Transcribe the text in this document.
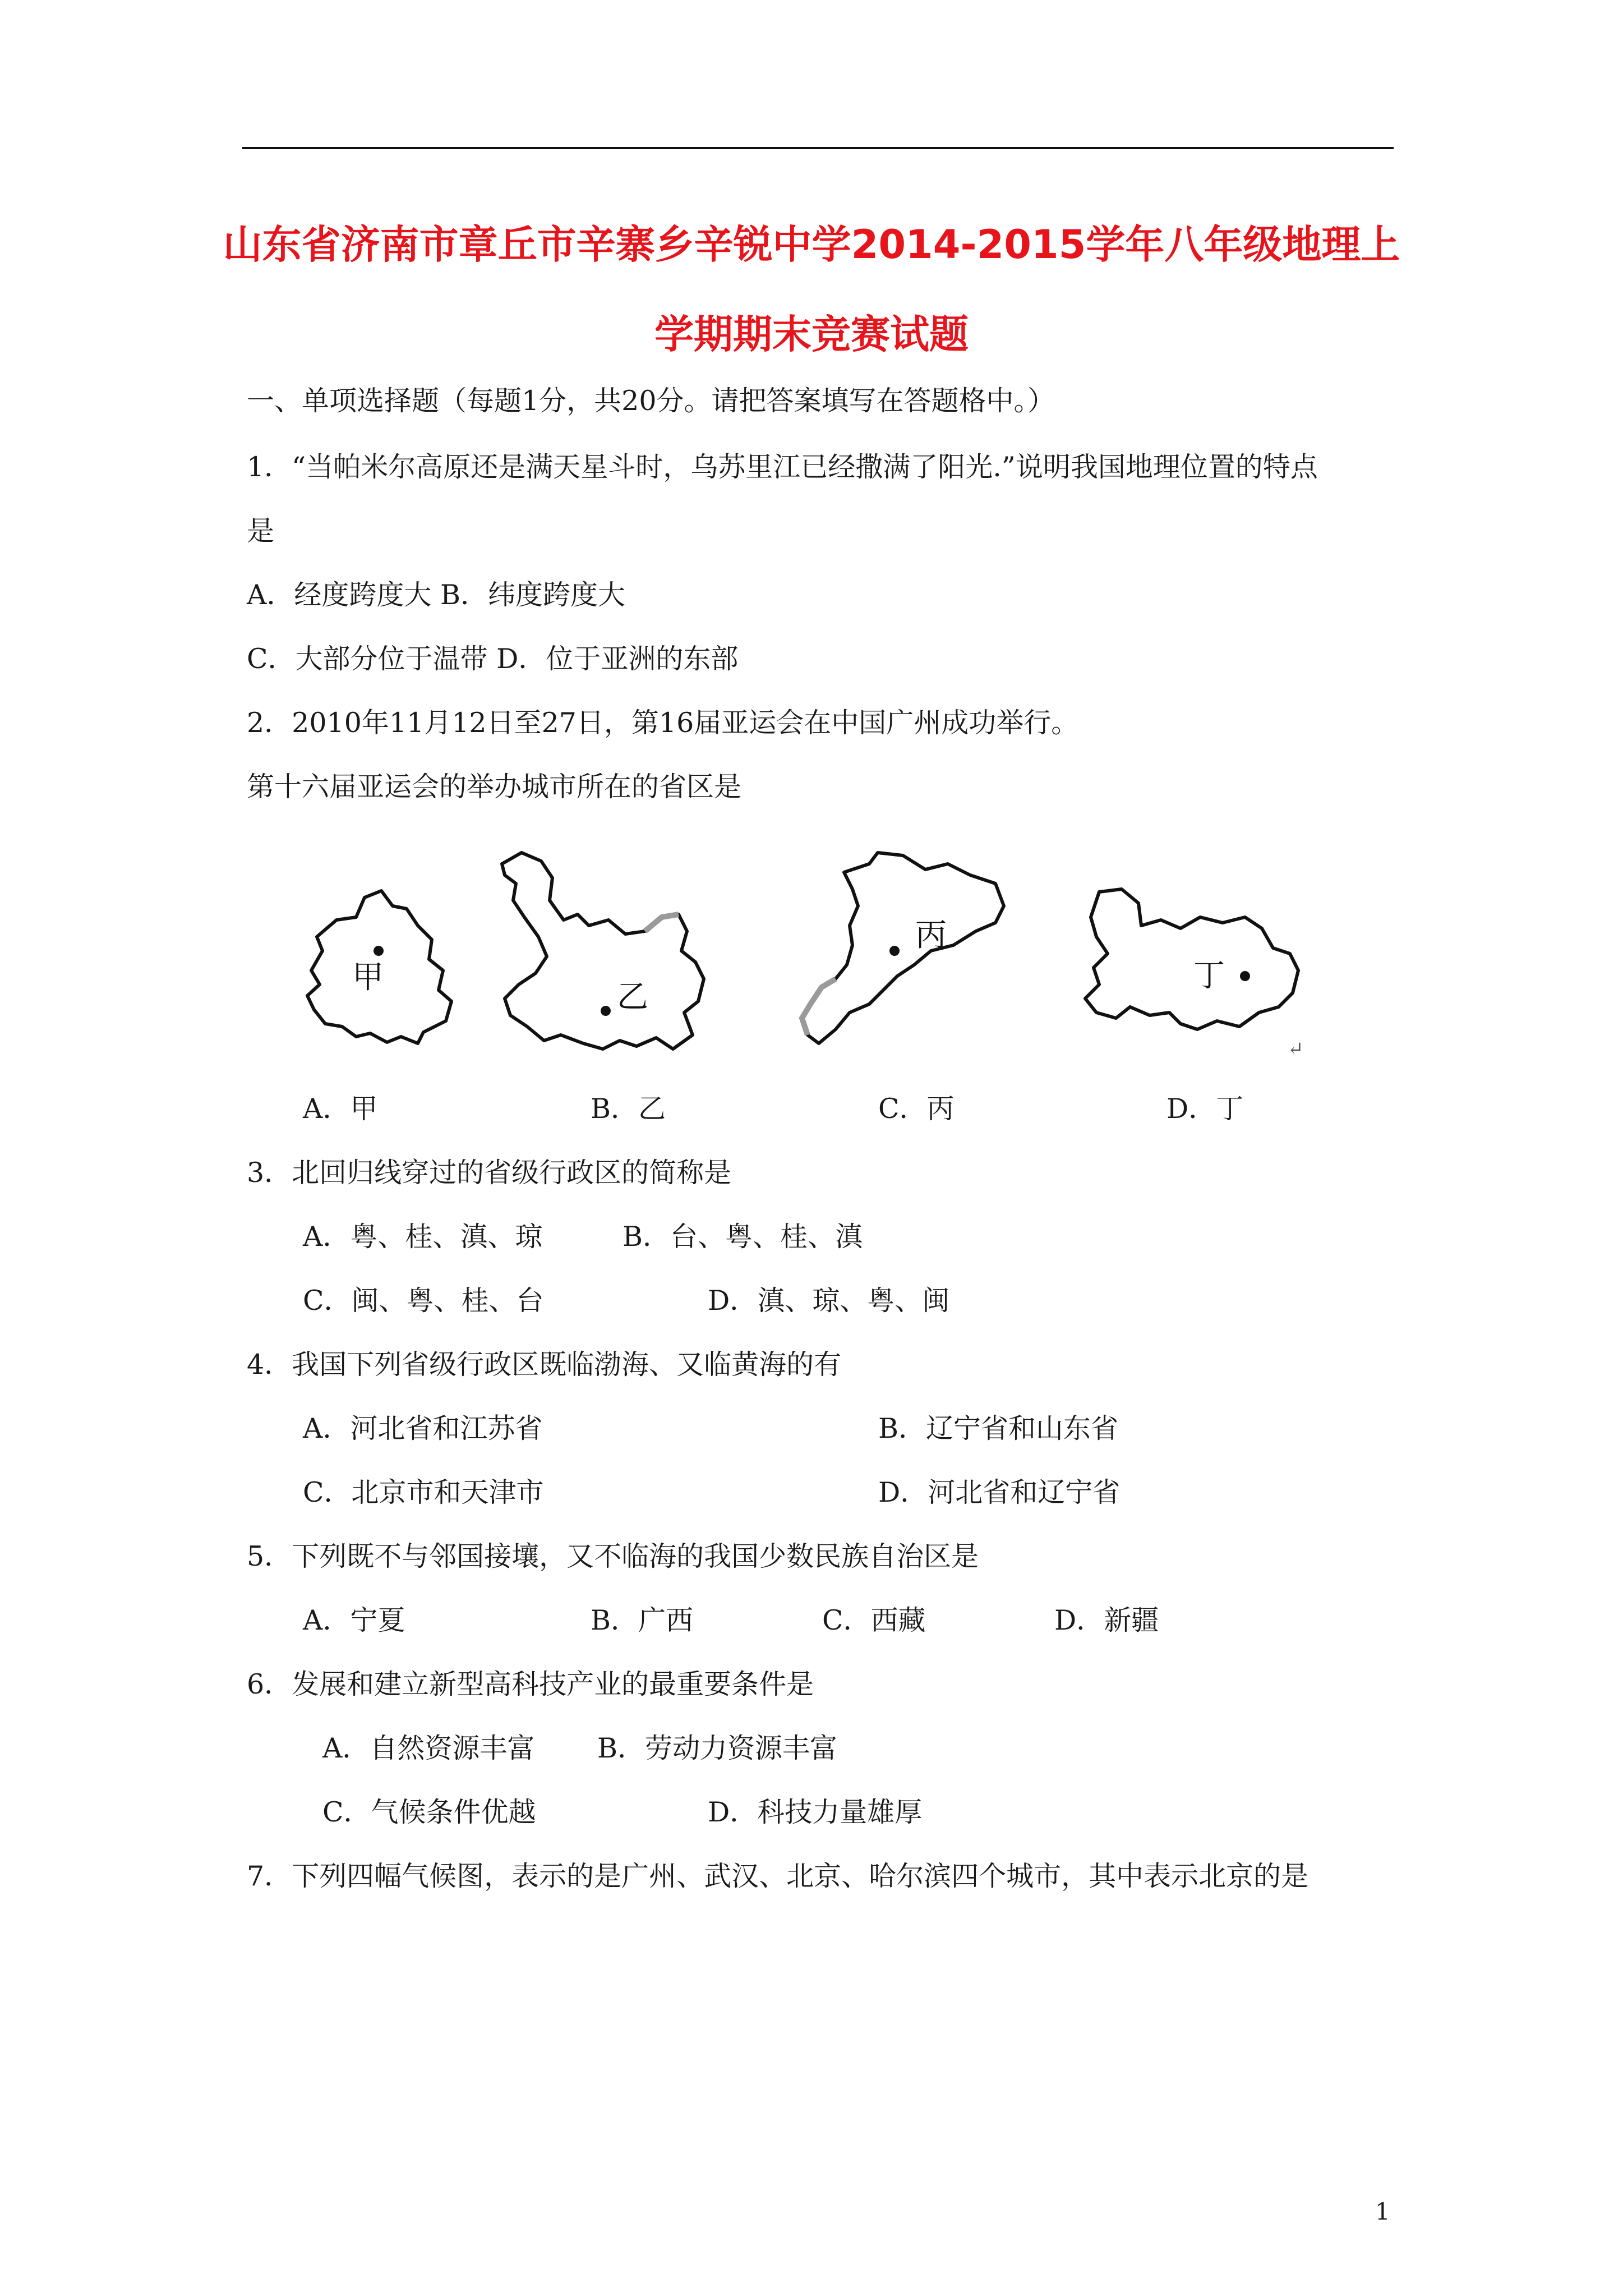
山东省济南市章丘市辛寨乡辛锐中学2014-2015学年八年级地理上
学期期末竞赛试题
一、单项选择题（每题1分，共20分。请把答案填写在答题格中。）
1．“当帕米尔高原还是满天星斗时，乌苏里江已经撒满了阳光.”说明我国地理位置的特点
是
A．经度跨度大 B．纬度跨度大
C．大部分位于温带 D．位于亚洲的东部
2．2010年11月12日至27日，第16届亚运会在中国广州成功举行。
第十六届亚运会的举办城市所在的省区是
甲
乙
丙
丁
↵
A．甲	B．乙	C．丙	D．丁
3．北回归线穿过的省级行政区的简称是
A．粤、桂、滇、琼	B．台、粤、桂、滇
C．闽、粤、桂、台	D．滇、琼、粤、闽
4．我国下列省级行政区既临渤海、又临黄海的有
A．河北省和江苏省	B．辽宁省和山东省
C．北京市和天津市	D．河北省和辽宁省
5．下列既不与邻国接壤，又不临海的我国少数民族自治区是
A．宁夏	B．广西	C．西藏	D．新疆
6．发展和建立新型高科技产业的最重要条件是
A．自然资源丰富 B．劳动力资源丰富
C．气候条件优越	D．科技力量雄厚
7．下列四幅气候图，表示的是广州、武汉、北京、哈尔滨四个城市，其中表示北京的是
1
